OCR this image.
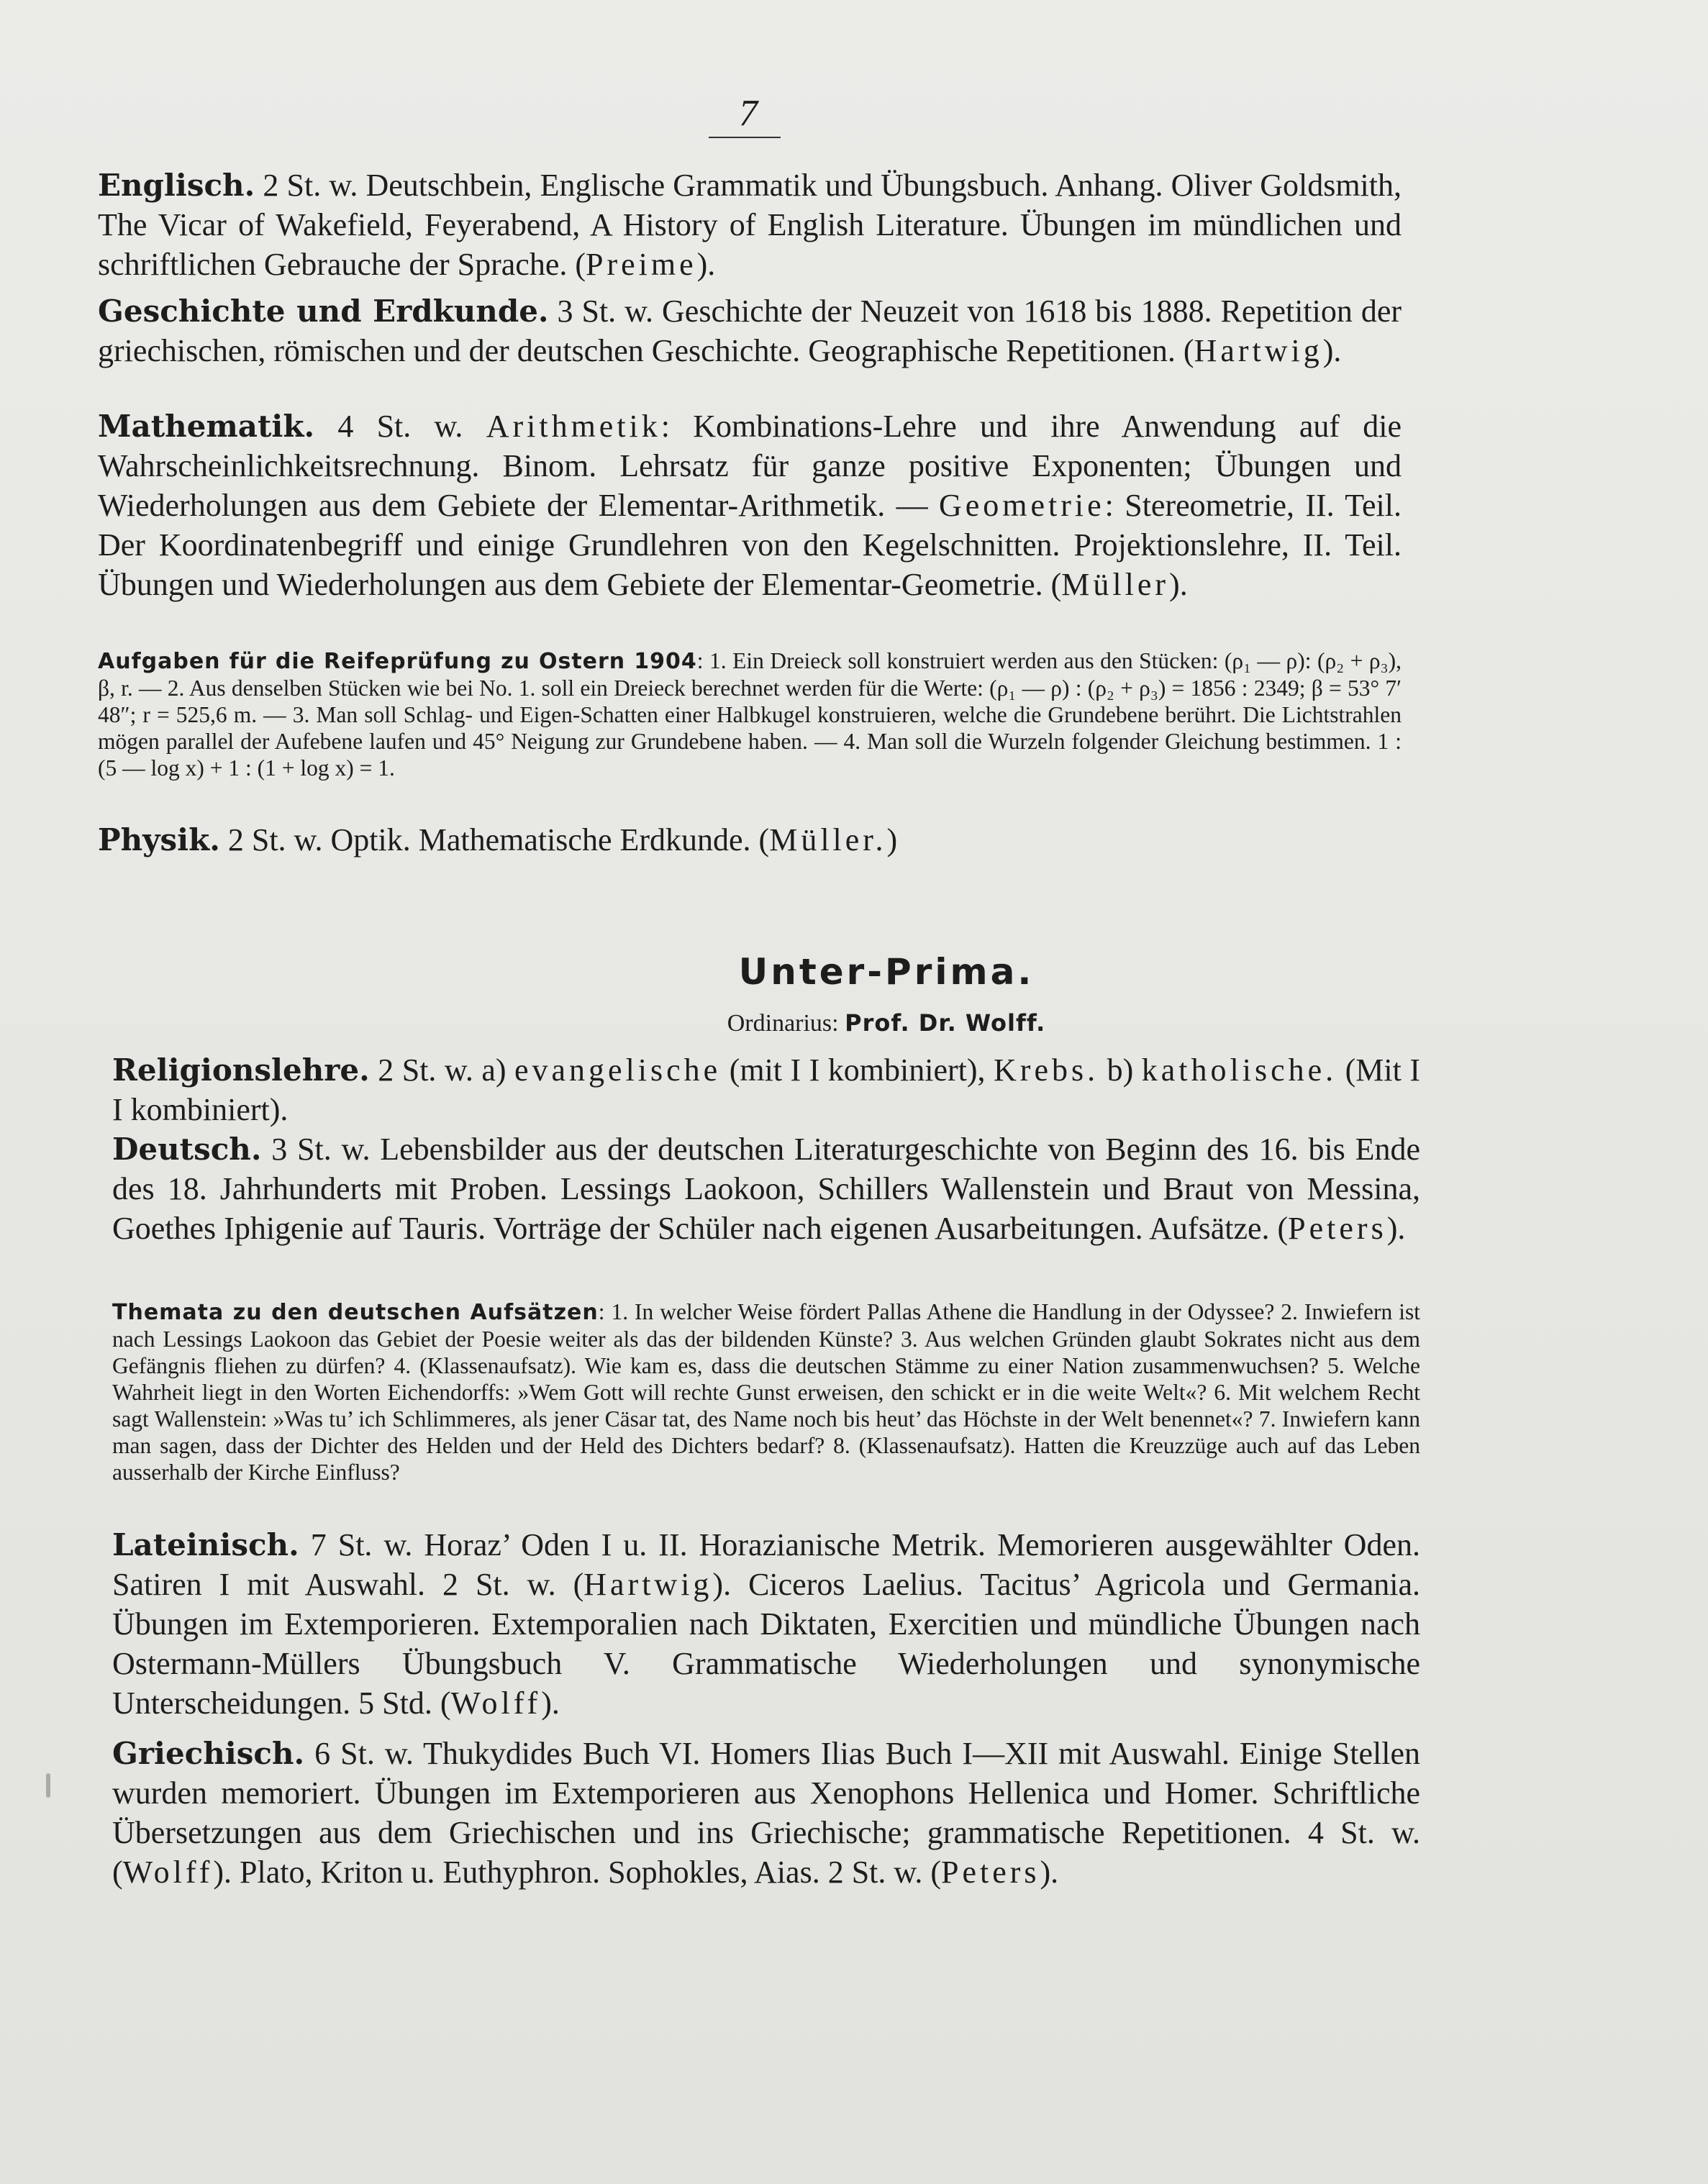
7

Englisch. 2 St. w. Deutschbein, Englische Grammatik und Übungsbuch. Anhang. Oliver Goldsmith, The Vicar of Wakefield, Feyerabend, A History of English Literature. Übungen im mündlichen und schriftlichen Gebrauche der Sprache. (Preime).

Geschichte und Erdkunde. 3 St. w. Geschichte der Neuzeit von 1618 bis 1888. Repetition der griechischen, römischen und der deutschen Geschichte. Geographische Repetitionen. (Hartwig).

Mathematik. 4 St. w. Arithmetik: Kombinations-Lehre und ihre Anwendung auf die Wahrscheinlichkeitsrechnung. Binom. Lehrsatz für ganze positive Exponenten; Übungen und Wiederholungen aus dem Gebiete der Elementar-Arithmetik. — Geometrie: Stereometrie, II. Teil. Der Koordinatenbegriff und einige Grundlehren von den Kegelschnitten. Projektionslehre, II. Teil. Übungen und Wiederholungen aus dem Gebiete der Elementar-Geometrie. (Müller).

Aufgaben für die Reifeprüfung zu Ostern 1904: 1. Ein Dreieck soll konstruiert werden aus den Stücken: (ρ₁ — ρ): (ρ₂ + ρ₃), β, r. — 2. Aus denselben Stücken wie bei No. 1. soll ein Dreieck berechnet werden für die Werte: (ρ₁ — ρ) : (ρ₂ + ρ₃) = 1856 : 2349; β = 53° 7′ 48″; r = 525,6 m. — 3. Man soll Schlag- und Eigen-Schatten einer Halbkugel konstruieren, welche die Grundebene berührt. Die Lichtstrahlen mögen parallel der Aufebene laufen und 45° Neigung zur Grundebene haben. — 4. Man soll die Wurzeln folgender Gleichung bestimmen. 1 : (5 — log x) + 1 : (1 + log x) = 1.

Physik. 2 St. w. Optik. Mathematische Erdkunde. (Müller.)

Unter-Prima.
Ordinarius: Prof. Dr. Wolff.

Religionslehre. 2 St. w. a) evangelische (mit I I kombiniert), Krebs. b) katholische. (Mit I I kombiniert).

Deutsch. 3 St. w. Lebensbilder aus der deutschen Literaturgeschichte von Beginn des 16. bis Ende des 18. Jahrhunderts mit Proben. Lessings Laokoon, Schillers Wallenstein und Braut von Messina, Goethes Iphigenie auf Tauris. Vorträge der Schüler nach eigenen Ausarbeitungen. Aufsätze. (Peters).

Themata zu den deutschen Aufsätzen: 1. In welcher Weise fördert Pallas Athene die Handlung in der Odyssee? 2. Inwiefern ist nach Lessings Laokoon das Gebiet der Poesie weiter als das der bildenden Künste? 3. Aus welchen Gründen glaubt Sokrates nicht aus dem Gefängnis fliehen zu dürfen? 4. (Klassenaufsatz). Wie kam es, dass die deutschen Stämme zu einer Nation zusammenwuchsen? 5. Welche Wahrheit liegt in den Worten Eichendorffs: »Wem Gott will rechte Gunst erweisen, den schickt er in die weite Welt«? 6. Mit welchem Recht sagt Wallenstein: »Was tu’ ich Schlimmeres, als jener Cäsar tat, des Name noch bis heut’ das Höchste in der Welt benennet«? 7. Inwiefern kann man sagen, dass der Dichter des Helden und der Held des Dichters bedarf? 8. (Klassenaufsatz). Hatten die Kreuzzüge auch auf das Leben ausserhalb der Kirche Einfluss?

Lateinisch. 7 St. w. Horaz’ Oden I u. II. Horazianische Metrik. Memorieren ausgewählter Oden. Satiren I mit Auswahl. 2 St. w. (Hartwig). Ciceros Laelius. Tacitus’ Agricola und Germania. Übungen im Extemporieren. Extemporalien nach Diktaten, Exercitien und mündliche Übungen nach Ostermann-Müllers Übungsbuch V. Grammatische Wiederholungen und synonymische Unterscheidungen. 5 Std. (Wolff).

Griechisch. 6 St. w. Thukydides Buch VI. Homers Ilias Buch I—XII mit Auswahl. Einige Stellen wurden memoriert. Übungen im Extemporieren aus Xenophons Hellenica und Homer. Schriftliche Übersetzungen aus dem Griechischen und ins Griechische; grammatische Repetitionen. 4 St. w. (Wolff). Plato, Kriton u. Euthyphron. Sophokles, Aias. 2 St. w. (Peters).
